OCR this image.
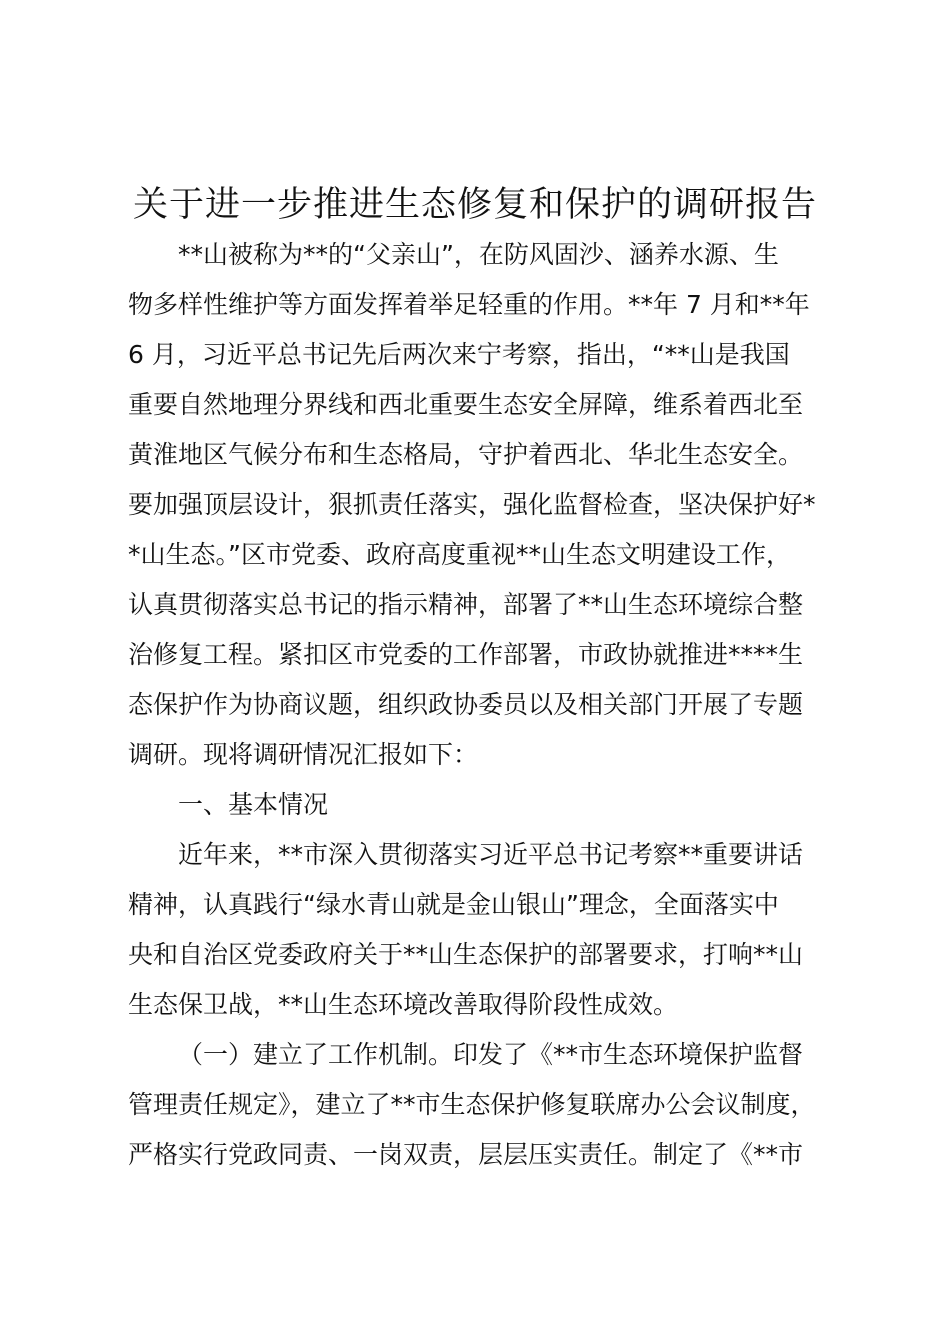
关于进一步推进生态修复和保护的调研报告
**山被称为**的“父亲山”，在防风固沙、涵养水源、生
物多样性维护等方面发挥着举足轻重的作用。**年 7 月和**年
6 月，习近平总书记先后两次来宁考察，指出，“**山是我国
重要自然地理分界线和西北重要生态安全屏障，维系着西北至
黄淮地区气候分布和生态格局，守护着西北、华北生态安全。
要加强顶层设计，狠抓责任落实，强化监督检查，坚决保护好*
*山生态。”区市党委、政府高度重视**山生态文明建设工作，
认真贯彻落实总书记的指示精神，部署了**山生态环境综合整
治修复工程。紧扣区市党委的工作部署，市政协就推进****生
态保护作为协商议题，组织政协委员以及相关部门开展了专题
调研。现将调研情况汇报如下：
一、基本情况
近年来，**市深入贯彻落实习近平总书记考察**重要讲话
精神，认真践行“绿水青山就是金山银山”理念，全面落实中
央和自治区党委政府关于**山生态保护的部署要求，打响**山
生态保卫战，**山生态环境改善取得阶段性成效。
（一）建立了工作机制。印发了《**市生态环境保护监督
管理责任规定》，建立了**市生态保护修复联席办公会议制度，
严格实行党政同责、一岗双责，层层压实责任。制定了《**市
